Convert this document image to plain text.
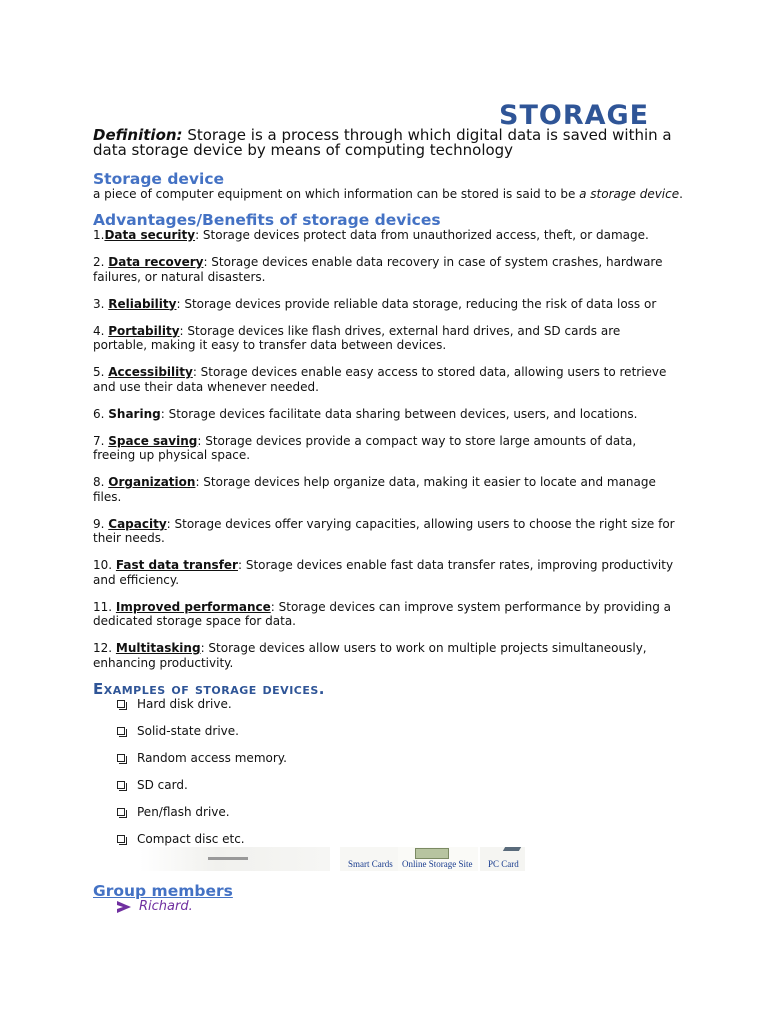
STORAGE

Definition: Storage is a process through which digital data is saved within a data storage device by means of computing technology

Storage device

a piece of computer equipment on which information can be stored is said to be a storage device.

Advantages/Benefits of storage devices
1.Data security: Storage devices protect data from unauthorized access, theft, or damage.
2. Data recovery: Storage devices enable data recovery in case of system crashes, hardware failures, or natural disasters.
3. Reliability: Storage devices provide reliable data storage, reducing the risk of data loss or
4. Portability: Storage devices like flash drives, external hard drives, and SD cards are portable, making it easy to transfer data between devices.
5. Accessibility: Storage devices enable easy access to stored data, allowing users to retrieve and use their data whenever needed.
6. Sharing: Storage devices facilitate data sharing between devices, users, and locations.
7. Space saving: Storage devices provide a compact way to store large amounts of data, freeing up physical space.
8. Organization: Storage devices help organize data, making it easier to locate and manage files.
9. Capacity: Storage devices offer varying capacities, allowing users to choose the right size for their needs.
10. Fast data transfer: Storage devices enable fast data transfer rates, improving productivity and efficiency.
11. Improved performance: Storage devices can improve system performance by providing a dedicated storage space for data.
12. Multitasking: Storage devices allow users to work on multiple projects simultaneously, enhancing productivity.
Examples of storage devices.
Hard disk drive.
Solid-state drive.
Random access memory.
SD card.
Pen/flash drive.
Compact disc etc.
Smart Cards Online Storage Site PC Card
Group members
Richard.
